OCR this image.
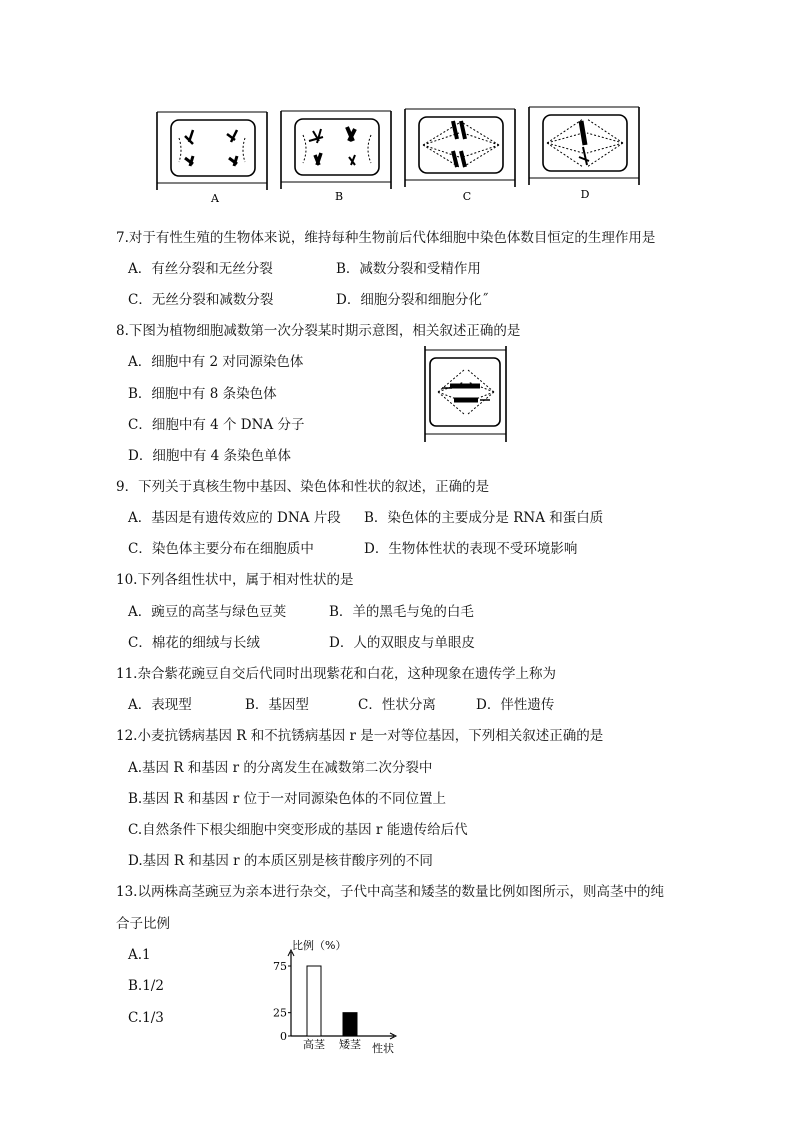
A	B	C	D
7.对于有性生殖的生物体来说，维持每种生物前后代体细胞中染色体数目恒定的生理作用是
A．有丝分裂和无丝分裂	B．减数分裂和受精作用
C．无丝分裂和减数分裂	D．细胞分裂和细胞分化˝
8.下图为植物细胞减数第一次分裂某时期示意图，相关叙述正确的是
A．细胞中有 2 对同源染色体
B．细胞中有 8 条染色体
C．细胞中有 4 个 DNA 分子
D．细胞中有 4 条染色单体
9．下列关于真核生物中基因、染色体和性状的叙述，正确的是
A．基因是有遗传效应的 DNA 片段 B．染色体的主要成分是 RNA 和蛋白质
C．染色体主要分布在细胞质中	D．生物体性状的表现不受环境影响
10.下列各组性状中，属于相对性状的是
A．豌豆的高茎与绿色豆荚	B．羊的黑毛与兔的白毛
C．棉花的细绒与长绒	D．人的双眼皮与单眼皮
11.杂合紫花豌豆自交后代同时出现紫花和白花，这种现象在遗传学上称为
A．表现型	B．基因型	C．性状分离	D．伴性遗传
12.小麦抗锈病基因 R 和不抗锈病基因 r 是一对等位基因，下列相关叙述正确的是
A.基因 R 和基因 r 的分离发生在减数第二次分裂中
B.基因 R 和基因 r 位于一对同源染色体的不同位置上
C.自然条件下根尖细胞中突变形成的基因 r 能遗传给后代
D.基因 R 和基因 r 的本质区别是核苷酸序列的不同
13.以两株高茎豌豆为亲本进行杂交，子代中高茎和矮茎的数量比例如图所示，则高茎中的纯
合子比例
A.1
B.1/2
C.1/3
比例（%）
0
25
75
高茎 矮茎 性状
